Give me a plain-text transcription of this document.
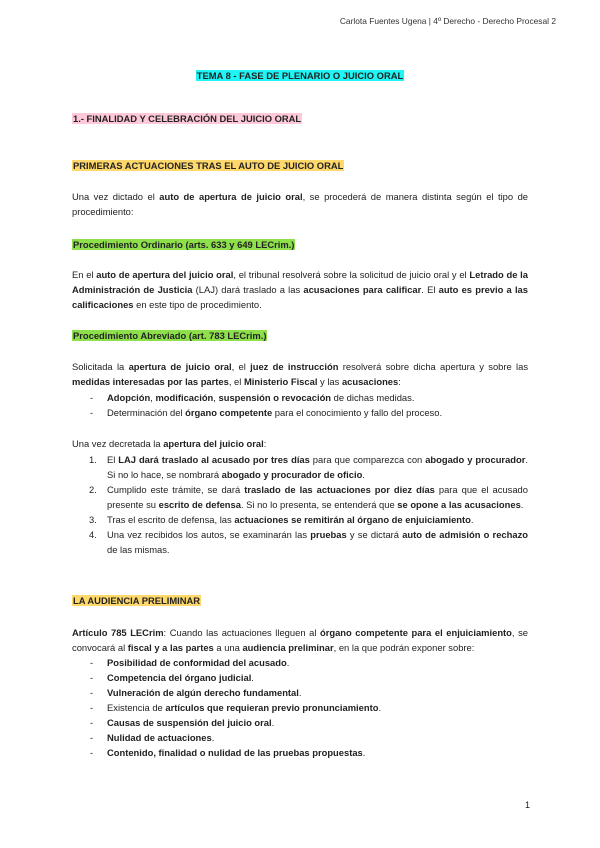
Carlota Fuentes Ugena | 4º Derecho - Derecho Procesal 2
TEMA 8 - FASE DE PLENARIO O JUICIO ORAL
1.- FINALIDAD Y CELEBRACIÓN DEL JUICIO ORAL
PRIMERAS ACTUACIONES TRAS EL AUTO DE JUICIO ORAL

Una vez dictado el auto de apertura de juicio oral, se procederá de manera distinta según el tipo de procedimiento:

Procedimiento Ordinario (arts. 633 y 649 LECrim.)

En el auto de apertura del juicio oral, el tribunal resolverá sobre la solicitud de juicio oral y el Letrado de la Administración de Justicia (LAJ) dará traslado a las acusaciones para calificar. El auto es previo a las calificaciones en este tipo de procedimiento.

Procedimiento Abreviado (art. 783 LECrim.)

Solicitada la apertura de juicio oral, el juez de instrucción resolverá sobre dicha apertura y sobre las medidas interesadas por las partes, el Ministerio Fiscal y las acusaciones:

- Adopción, modificación, suspensión o revocación de dichas medidas.
- Determinación del órgano competente para el conocimiento y fallo del proceso.

Una vez decretada la apertura del juicio oral:

1. El LAJ dará traslado al acusado por tres días para que comparezca con abogado y procurador. Si no lo hace, se nombrará abogado y procurador de oficio.
2. Cumplido este trámite, se dará traslado de las actuaciones por diez días para que el acusado presente su escrito de defensa. Si no lo presenta, se entenderá que se opone a las acusaciones.
3. Tras el escrito de defensa, las actuaciones se remitirán al órgano de enjuiciamiento.
4. Una vez recibidos los autos, se examinarán las pruebas y se dictará auto de admisión o rechazo de las mismas.
LA AUDIENCIA PRELIMINAR

Artículo 785 LECrim: Cuando las actuaciones lleguen al órgano competente para el enjuiciamiento, se convocará al fiscal y a las partes a una audiencia preliminar, en la que podrán exponer sobre:

- Posibilidad de conformidad del acusado.
- Competencia del órgano judicial.
- Vulneración de algún derecho fundamental.
- Existencia de artículos que requieran previo pronunciamiento.
- Causas de suspensión del juicio oral.
- Nulidad de actuaciones.
- Contenido, finalidad o nulidad de las pruebas propuestas.
1
